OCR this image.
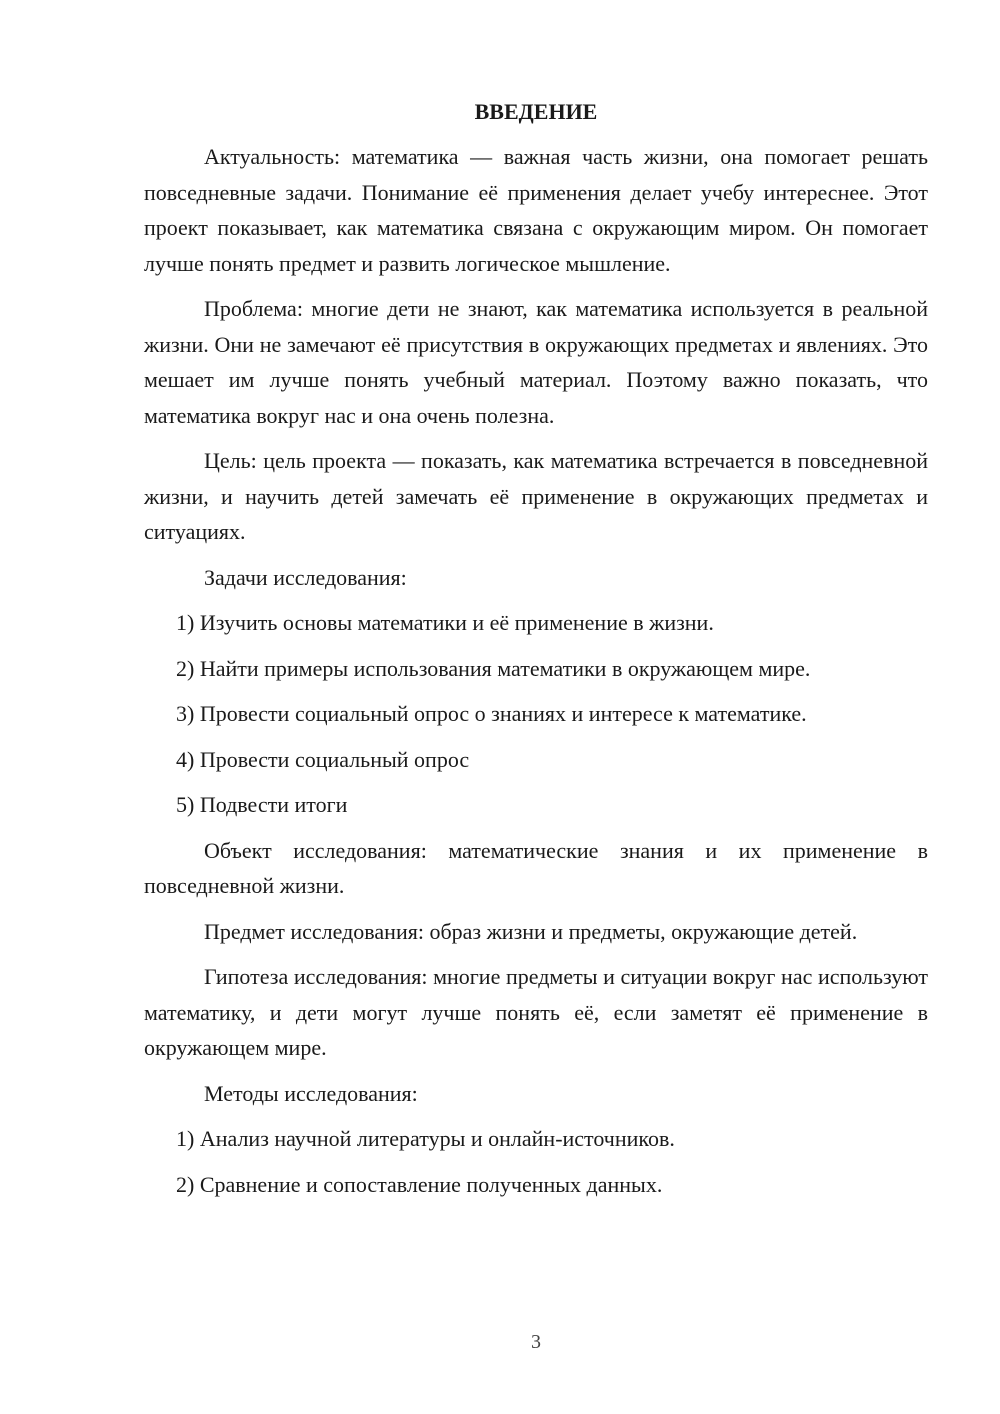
ВВЕДЕНИЕ

Актуальность: математика — важная часть жизни, она помогает решать повседневные задачи. Понимание её применения делает учебу интереснее. Этот проект показывает, как математика связана с окружающим миром. Он помогает лучше понять предмет и развить логическое мышление.

Проблема: многие дети не знают, как математика используется в реальной жизни. Они не замечают её присутствия в окружающих предметах и явлениях. Это мешает им лучше понять учебный материал. Поэтому важно показать, что математика вокруг нас и она очень полезна.

Цель: цель проекта — показать, как математика встречается в повседневной жизни, и научить детей замечать её применение в окружающих предметах и ситуациях.

Задачи исследования:

1) Изучить основы математики и её применение в жизни.

2) Найти примеры использования математики в окружающем мире.

3) Провести социальный опрос о знаниях и интересе к математике.

4) Провести социальный опрос

5) Подвести итоги

Объект исследования: математические знания и их применение в повседневной жизни.

Предмет исследования: образ жизни и предметы, окружающие детей.

Гипотеза исследования: многие предметы и ситуации вокруг нас используют математику, и дети могут лучше понять её, если заметят её применение в окружающем мире.

Методы исследования:

1) Анализ научной литературы и онлайн-источников.

2) Сравнение и сопоставление полученных данных.

3
